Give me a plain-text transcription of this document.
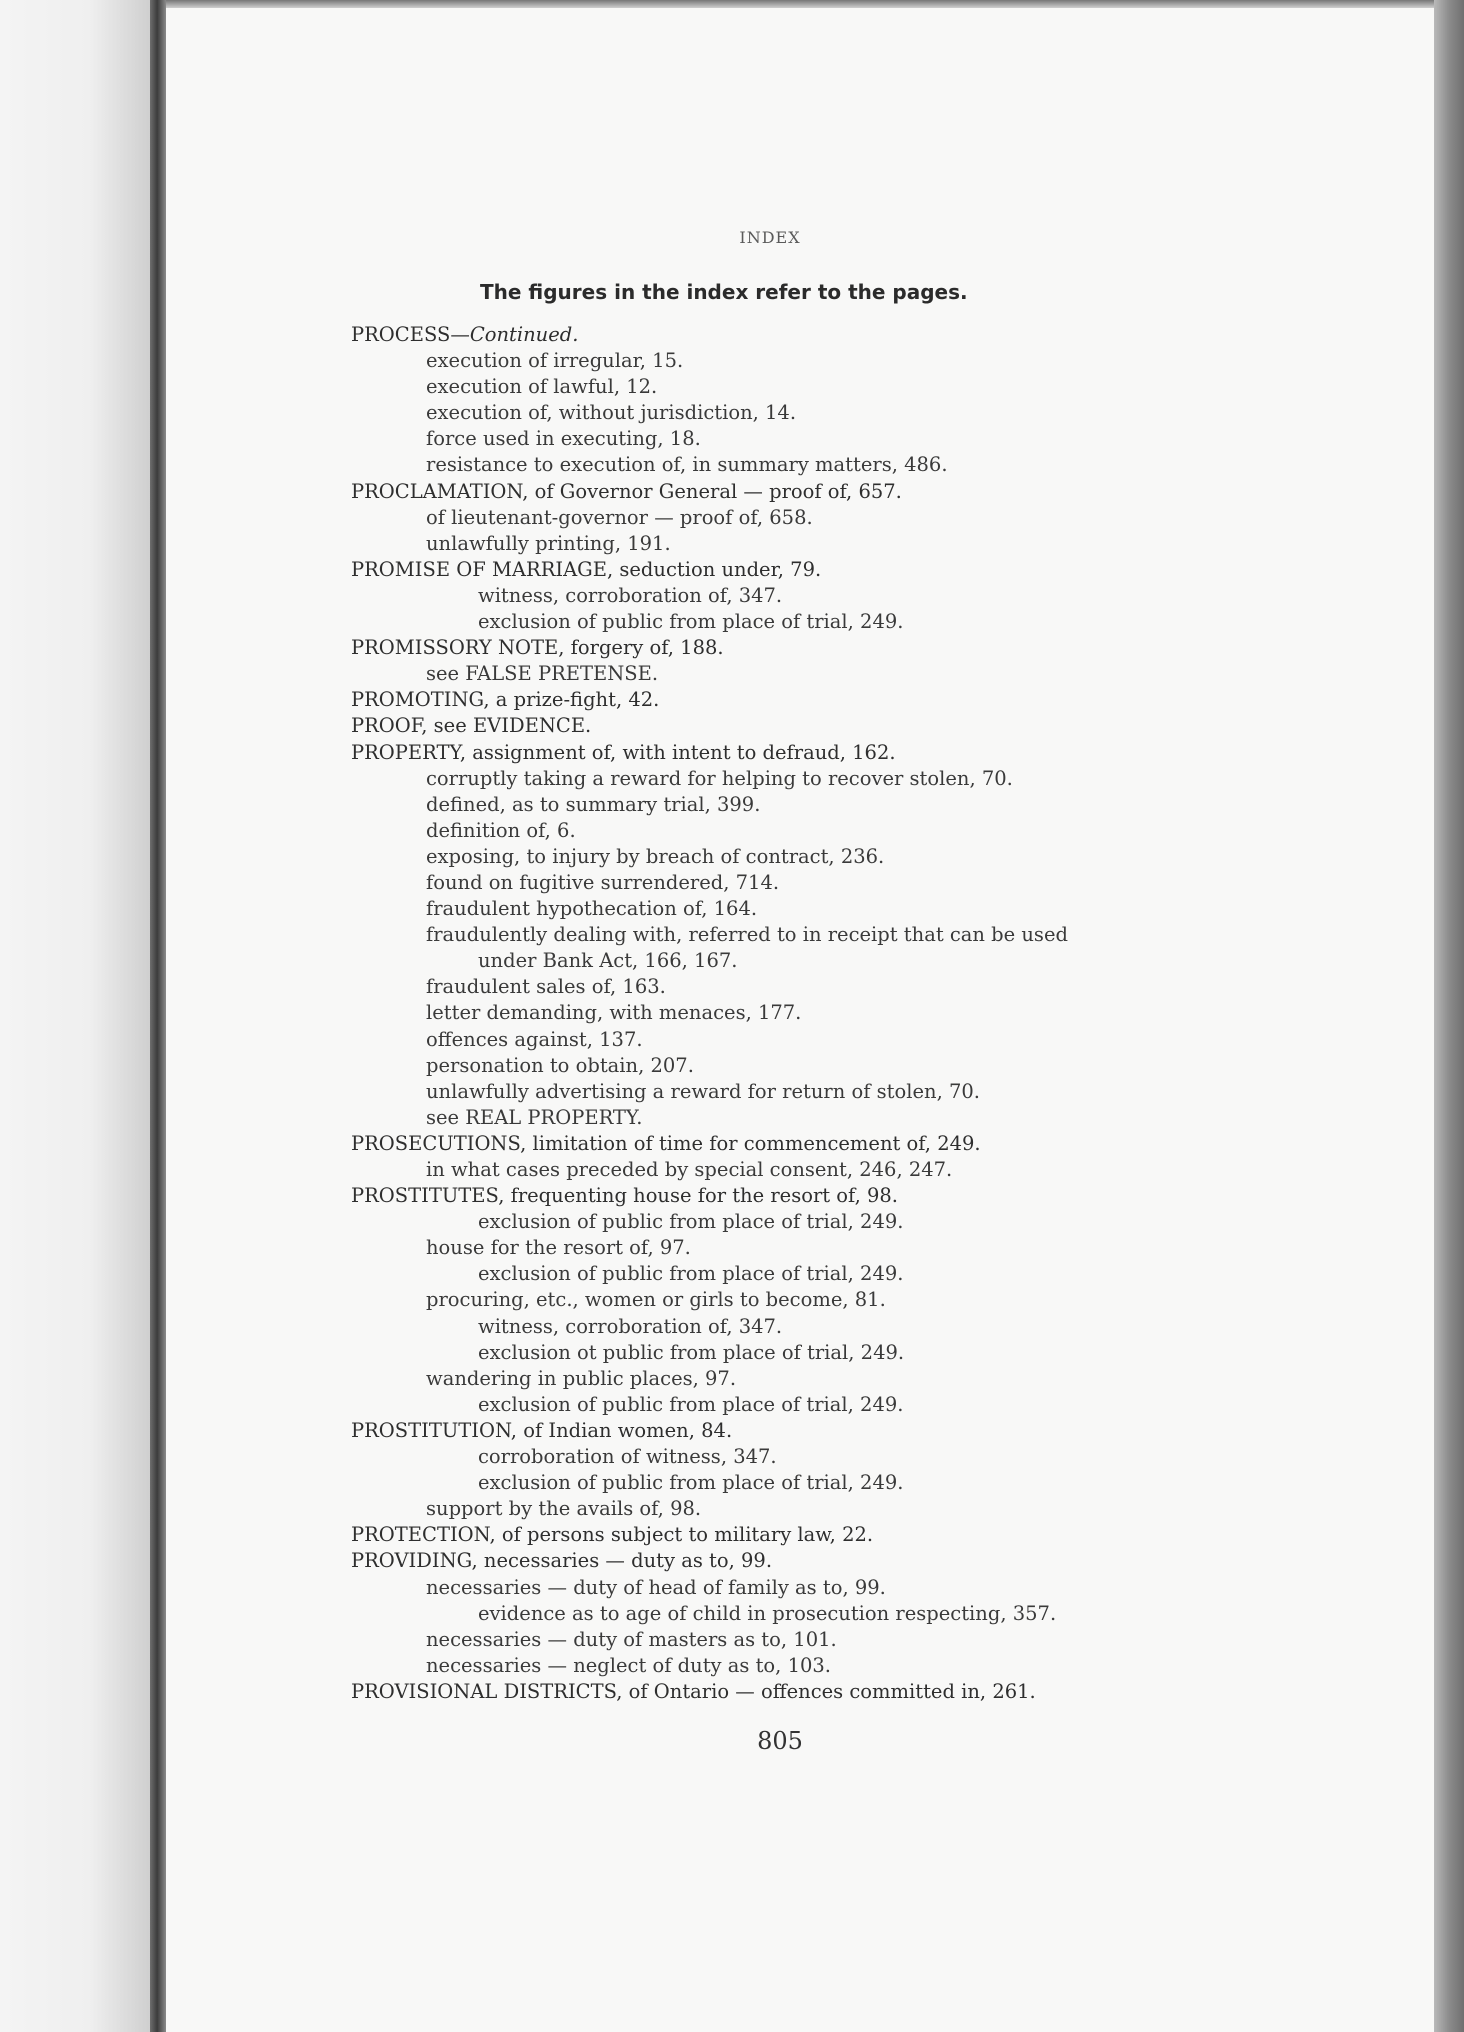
INDEX
The figures in the index refer to the pages.
PROCESS—Continued.
execution of irregular, 15.
execution of lawful, 12.
execution of, without jurisdiction, 14.
force used in executing, 18.
resistance to execution of, in summary matters, 486.
PROCLAMATION, of Governor General — proof of, 657.
of lieutenant-governor — proof of, 658.
unlawfully printing, 191.
PROMISE OF MARRIAGE, seduction under, 79.
witness, corroboration of, 347.
exclusion of public from place of trial, 249.
PROMISSORY NOTE, forgery of, 188.
see FALSE PRETENSE.
PROMOTING, a prize-fight, 42.
PROOF, see EVIDENCE.
PROPERTY, assignment of, with intent to defraud, 162.
corruptly taking a reward for helping to recover stolen, 70.
defined, as to summary trial, 399.
definition of, 6.
exposing, to injury by breach of contract, 236.
found on fugitive surrendered, 714.
fraudulent hypothecation of, 164.
fraudulently dealing with, referred to in receipt that can be used
under Bank Act, 166, 167.
fraudulent sales of, 163.
letter demanding, with menaces, 177.
offences against, 137.
personation to obtain, 207.
unlawfully advertising a reward for return of stolen, 70.
see REAL PROPERTY.
PROSECUTIONS, limitation of time for commencement of, 249.
in what cases preceded by special consent, 246, 247.
PROSTITUTES, frequenting house for the resort of, 98.
exclusion of public from place of trial, 249.
house for the resort of, 97.
exclusion of public from place of trial, 249.
procuring, etc., women or girls to become, 81.
witness, corroboration of, 347.
exclusion ot public from place of trial, 249.
wandering in public places, 97.
exclusion of public from place of trial, 249.
PROSTITUTION, of Indian women, 84.
corroboration of witness, 347.
exclusion of public from place of trial, 249.
support by the avails of, 98.
PROTECTION, of persons subject to military law, 22.
PROVIDING, necessaries — duty as to, 99.
necessaries — duty of head of family as to, 99.
evidence as to age of child in prosecution respecting, 357.
necessaries — duty of masters as to, 101.
necessaries — neglect of duty as to, 103.
PROVISIONAL DISTRICTS, of Ontario — offences committed in, 261.
805
